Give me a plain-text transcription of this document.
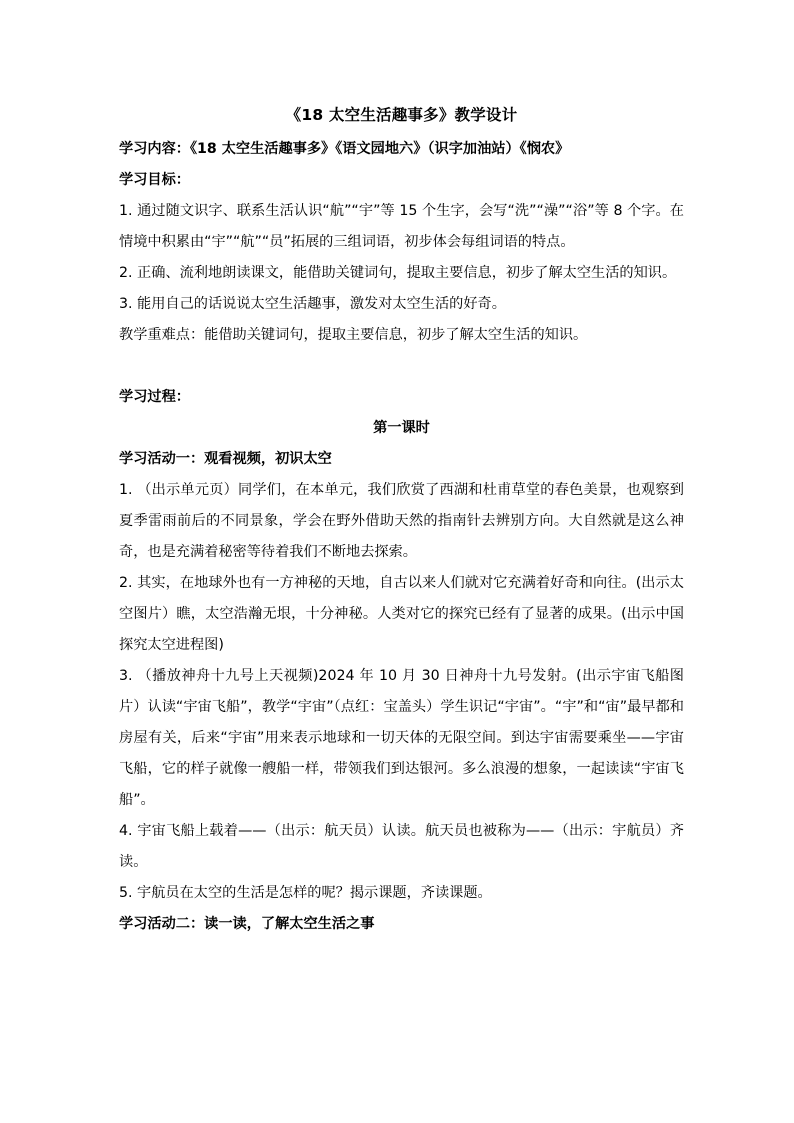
《18 太空生活趣事多》教学设计

学习内容：《18 太空生活趣事多》《语文园地六》（识字加油站）《悯农》

学习目标：

1. 通过随文识字、联系生活认识“航”“宇”等 15 个生字，会写“洗”“澡”“浴”等 8 个字。在情境中积累由“宇”“航”“员”拓展的三组词语，初步体会每组词语的特点。

2. 正确、流利地朗读课文，能借助关键词句，提取主要信息，初步了解太空生活的知识。

3. 能用自己的话说说太空生活趣事，激发对太空生活的好奇。

教学重难点：能借助关键词句，提取主要信息，初步了解太空生活的知识。

学习过程：

第一课时

学习活动一：观看视频，初识太空

1. （出示单元页）同学们，在本单元，我们欣赏了西湖和杜甫草堂的春色美景，也观察到夏季雷雨前后的不同景象，学会在野外借助天然的指南针去辨别方向。大自然就是这么神奇，也是充满着秘密等待着我们不断地去探索。

2. 其实，在地球外也有一方神秘的天地，自古以来人们就对它充满着好奇和向往。(出示太空图片）瞧，太空浩瀚无垠，十分神秘。人类对它的探究已经有了显著的成果。(出示中国探究太空进程图)

3. （播放神舟十九号上天视频)2024 年 10 月 30 日神舟十九号发射。(出示宇宙飞船图片）认读“宇宙飞船”，教学“宇宙”（点红：宝盖头）学生识记“宇宙”。“宇”和“宙”最早都和房屋有关，后来“宇宙”用来表示地球和一切天体的无限空间。到达宇宙需要乘坐——宇宙飞船，它的样子就像一艘船一样，带领我们到达银河。多么浪漫的想象，一起读读“宇宙飞船”。

4. 宇宙飞船上载着——（出示：航天员）认读。航天员也被称为——（出示：宇航员）齐读。

5. 宇航员在太空的生活是怎样的呢？揭示课题，齐读课题。

学习活动二：读一读，了解太空生活之事
